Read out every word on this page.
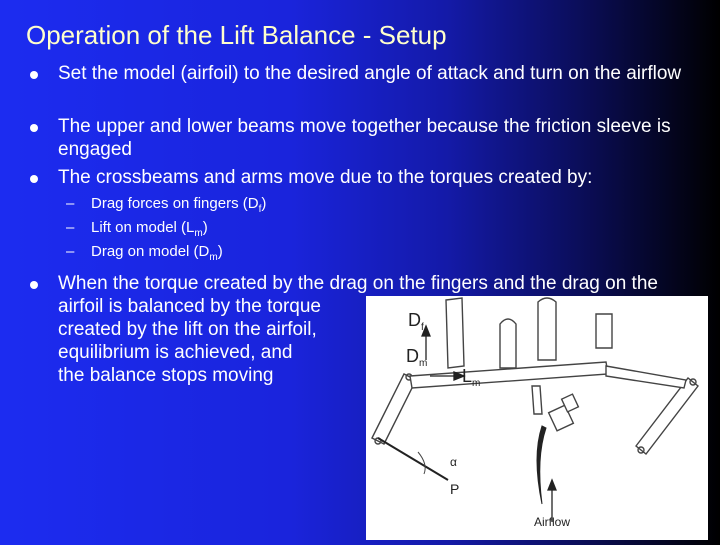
Operation of the Lift Balance - Setup
Set the model (airfoil) to the desired angle of attack and turn on the airflow
The upper and lower beams move together because the friction sleeve is engaged
The crossbeams and arms move due to the torques created by:
– Drag forces on fingers $(D_f)$
– Lift on model $(L_m)$
– Drag on model $(D_m)$
When the torque created by the drag on the fingers and the drag on the
airfoil is balanced by the torque
created by the lift on the airfoil,
equilibrium is achieved, and
the balance stops moving
$D_f$
$D_m$
$L_m$
α
P
Airflow
